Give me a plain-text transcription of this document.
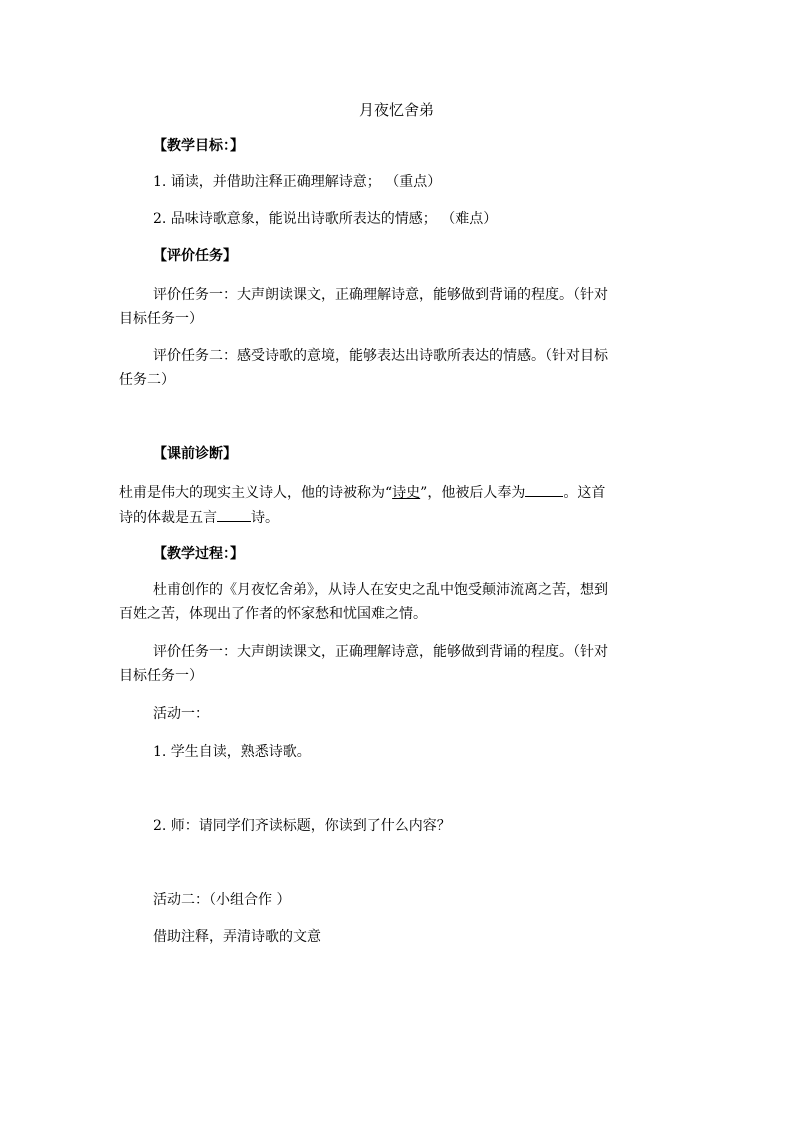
月夜忆舍弟
【教学目标：】
1. 诵读，并借助注释正确理解诗意； （重点）
2. 品味诗歌意象，能说出诗歌所表达的情感； （难点）
【评价任务】
评价任务一：大声朗读课文，正确理解诗意，能够做到背诵的程度。（针对
目标任务一）
评价任务二：感受诗歌的意境，能够表达出诗歌所表达的情感。（针对目标
任务二）
【课前诊断】
杜甫是伟大的现实主义诗人，他的诗被称为“诗史”，他被后人奉为	。这首
诗的体裁是五言 诗。
【教学过程：】
杜甫创作的《月夜忆舍弟》，从诗人在安史之乱中饱受颠沛流离之苦，想到
百姓之苦，体现出了作者的怀家愁和忧国难之情。
评价任务一：大声朗读课文，正确理解诗意，能够做到背诵的程度。（针对
目标任务一）
活动一：
1. 学生自读，熟悉诗歌。
2. 师：请同学们齐读标题，你读到了什么内容？
活动二：（小组合作 ）
借助注释，弄清诗歌的文意
